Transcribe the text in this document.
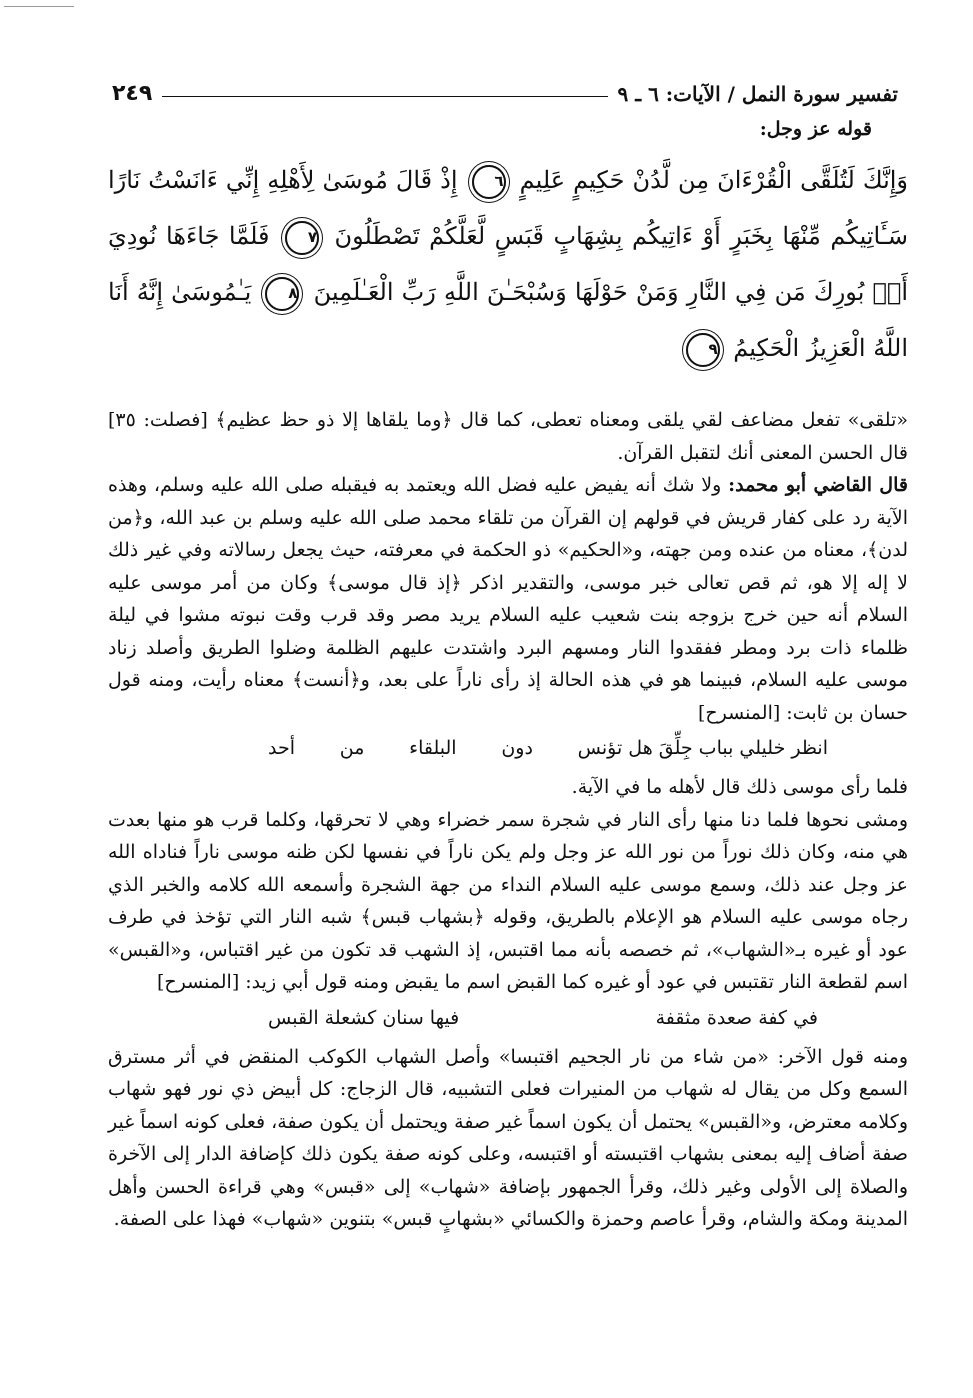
تفسير سورة النمل / الآيات: ٦ ـ ٩
٢٤٩

قوله عز وجل:

وَإِنَّكَ لَتُلَقَّى الْقُرْءَانَ مِن لَّدُنْ حَكِيمٍ عَلِيمٍ ٦ إِذْ قَالَ مُوسَىٰ لِأَهْلِهِ إِنِّي ءَانَسْتُ نَارًا سَـَٔاتِيكُم مِّنْهَا بِخَبَرٍ أَوْ ءَاتِيكُم بِشِهَابٍ قَبَسٍ لَّعَلَّكُمْ تَصْطَلُونَ ٧ فَلَمَّا جَاءَهَا نُودِيَ أَنۢ بُورِكَ مَن فِي النَّارِ وَمَنْ حَوْلَهَا وَسُبْحَـٰنَ اللَّهِ رَبِّ الْعَـٰلَمِينَ ٨ يَـٰمُوسَىٰ إِنَّهُ أَنَا اللَّهُ الْعَزِيزُ الْحَكِيمُ ٩

«تلقى» تفعل مضاعف لقي يلقى ومعناه تعطى، كما قال ﴿وما يلقاها إلا ذو حظ عظيم﴾ [فصلت: ٣٥] قال الحسن المعنى أنك لتقبل القرآن.

قال القاضي أبو محمد: ولا شك أنه يفيض عليه فضل الله ويعتمد به فيقبله صلى الله عليه وسلم، وهذه الآية رد على كفار قريش في قولهم إن القرآن من تلقاء محمد صلى الله عليه وسلم بن عبد الله، و﴿من لدن﴾، معناه من عنده ومن جهته، و«الحكيم» ذو الحكمة في معرفته، حيث يجعل رسالاته وفي غير ذلك لا إله إلا هو، ثم قص تعالى خبر موسى، والتقدير اذكر ﴿إذ قال موسى﴾ وكان من أمر موسى عليه السلام أنه حين خرج بزوجه بنت شعيب عليه السلام يريد مصر وقد قرب وقت نبوته مشوا في ليلة ظلماء ذات برد ومطر ففقدوا النار ومسهم البرد واشتدت عليهم الظلمة وضلوا الطريق وأصلد زناد موسى عليه السلام، فبينما هو في هذه الحالة إذ رأى ناراً على بعد، و﴿أنست﴾ معناه رأيت، ومنه قول حسان بن ثابت: [المنسرح]

انظر خليلي بباب جِلِّقَ هل تؤنس
دون
البلقاء
من
أحد

فلما رأى موسى ذلك قال لأهله ما في الآية.

ومشى نحوها فلما دنا منها رأى النار في شجرة سمر خضراء وهي لا تحرقها، وكلما قرب هو منها بعدت هي منه، وكان ذلك نوراً من نور الله عز وجل ولم يكن ناراً في نفسها لكن ظنه موسى ناراً فناداه الله عز وجل عند ذلك، وسمع موسى عليه السلام النداء من جهة الشجرة وأسمعه الله كلامه والخبر الذي رجاه موسى عليه السلام هو الإعلام بالطريق، وقوله ﴿بشهاب قبس﴾ شبه النار التي تؤخذ في طرف عود أو غيره بـ«الشهاب»، ثم خصصه بأنه مما اقتبس، إذ الشهب قد تكون من غير اقتباس، و«القبس» اسم لقطعة النار تقتبس في عود أو غيره كما القبض اسم ما يقبض ومنه قول أبي زيد: [المنسرح]

في كفة صعدة مثقفة
فيها سنان كشعلة القبس

ومنه قول الآخر: «من شاء من نار الجحيم اقتبسا» وأصل الشهاب الكوكب المنقض في أثر مسترق السمع وكل من يقال له شهاب من المنيرات فعلى التشبيه، قال الزجاج: كل أبيض ذي نور فهو شهاب وكلامه معترض، و«القبس» يحتمل أن يكون اسماً غير صفة ويحتمل أن يكون صفة، فعلى كونه اسماً غير صفة أضاف إليه بمعنى بشهاب اقتبسته أو اقتبسه، وعلى كونه صفة يكون ذلك كإضافة الدار إلى الآخرة والصلاة إلى الأولى وغير ذلك، وقرأ الجمهور بإضافة «شهاب» إلى «قبس» وهي قراءة الحسن وأهل المدينة ومكة والشام، وقرأ عاصم وحمزة والكسائي «بشهابٍ قبس» بتنوين «شهاب» فهذا على الصفة.
